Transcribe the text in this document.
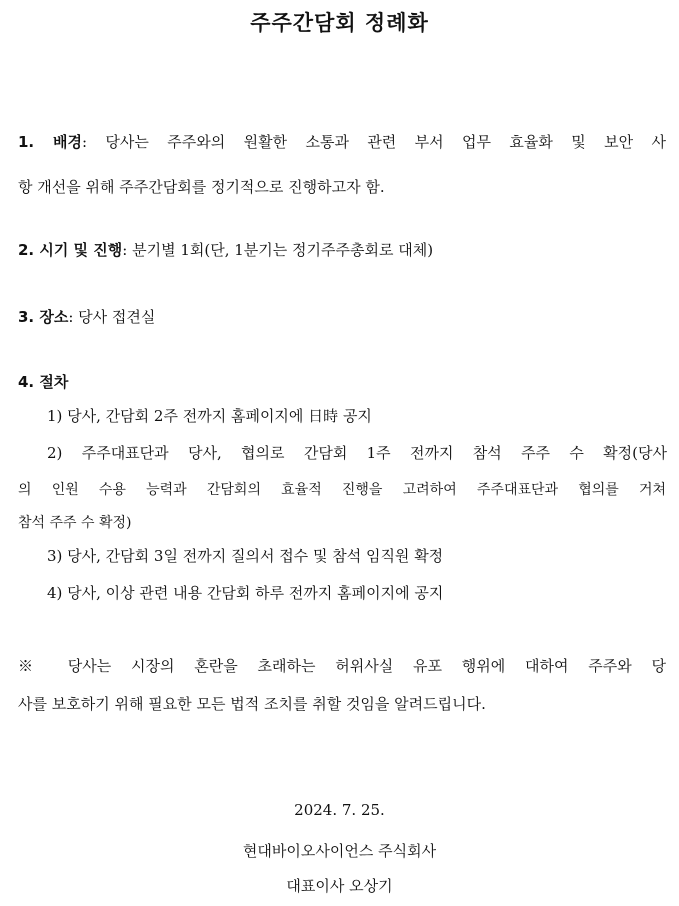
주주간담회 정례화
1. 배경: 당사는 주주와의 원활한 소통과 관련 부서 업무 효율화 및 보안 사
항 개선을 위해 주주간담회를 정기적으로 진행하고자 함.
2. 시기 및 진행: 분기별 1회(단, 1분기는 정기주주총회로 대체)
3. 장소: 당사 접견실
4. 절차
1) 당사, 간담회 2주 전까지 홈페이지에 日時 공지
2) 주주대표단과 당사, 협의로 간담회 1주 전까지 참석 주주 수 확정(당사
의 인원 수용 능력과 간담회의 효율적 진행을 고려하여 주주대표단과 협의를 거쳐
참석 주주 수 확정)
3) 당사, 간담회 3일 전까지 질의서 접수 및 참석 임직원 확정
4) 당사, 이상 관련 내용 간담회 하루 전까지 홈페이지에 공지
※ 당사는 시장의 혼란을 초래하는 허위사실 유포 행위에 대하여 주주와 당
사를 보호하기 위해 필요한 모든 법적 조치를 취할 것임을 알려드립니다.
2024. 7. 25.
현대바이오사이언스 주식회사
대표이사 오상기
